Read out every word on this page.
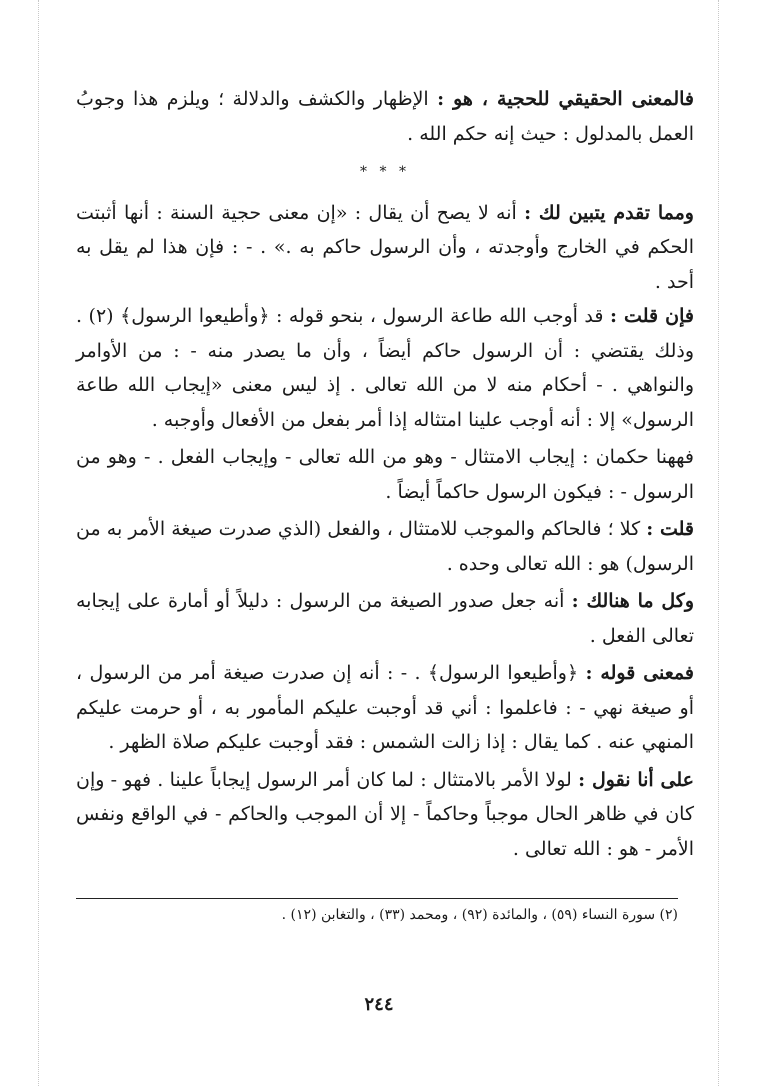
فالمعنى الحقيقي للحجية ، هو : الإظهار والكشف والدلالة ؛ ويلزم هذا وجوبُ العمل بالمدلول : حيث إنه حكم الله .

* * *

ومما تقدم يتبين لك : أنه لا يصح أن يقال : «إن معنى حجية السنة : أنها أثبتت الحكم في الخارج وأوجدته ، وأن الرسول حاكم به .» . - : فإن هذا لم يقل به أحد .

فإن قلت : قد أوجب الله طاعة الرسول ، بنحو قوله : ﴿وأطيعوا الرسول﴾ (٢) . وذلك يقتضي : أن الرسول حاكم أيضاً ، وأن ما يصدر منه - : من الأوامر والنواهي . - أحكام منه لا من الله تعالى . إذ ليس معنى «إيجاب الله طاعة الرسول» إلا : أنه أوجب علينا امتثاله إذا أمر بفعل من الأفعال وأوجبه .

فههنا حكمان : إيجاب الامتثال - وهو من الله تعالى - وإيجاب الفعل . - وهو من الرسول - : فيكون الرسول حاكماً أيضاً .

قلت : كلا ؛ فالحاكم والموجب للامتثال ، والفعل (الذي صدرت صيغة الأمر به من الرسول) هو : الله تعالى وحده .

وكل ما هنالك : أنه جعل صدور الصيغة من الرسول : دليلاً أو أمارة على إيجابه تعالى الفعل .

فمعنى قوله : ﴿وأطيعوا الرسول﴾ . - : أنه إن صدرت صيغة أمر من الرسول ، أو صيغة نهي - : فاعلموا : أني قد أوجبت عليكم المأمور به ، أو حرمت عليكم المنهي عنه . كما يقال : إذا زالت الشمس : فقد أوجبت عليكم صلاة الظهر .

على أنا نقول : لولا الأمر بالامتثال : لما كان أمر الرسول إيجاباً علينا . فهو - وإن كان في ظاهر الحال موجباً وحاكماً - إلا أن الموجب والحاكم - في الواقع ونفس الأمر - هو : الله تعالى .

(٢) سورة النساء (٥٩) ، والمائدة (٩٢) ، ومحمد (٣٣) ، والتغابن (١٢) .
٢٤٤
